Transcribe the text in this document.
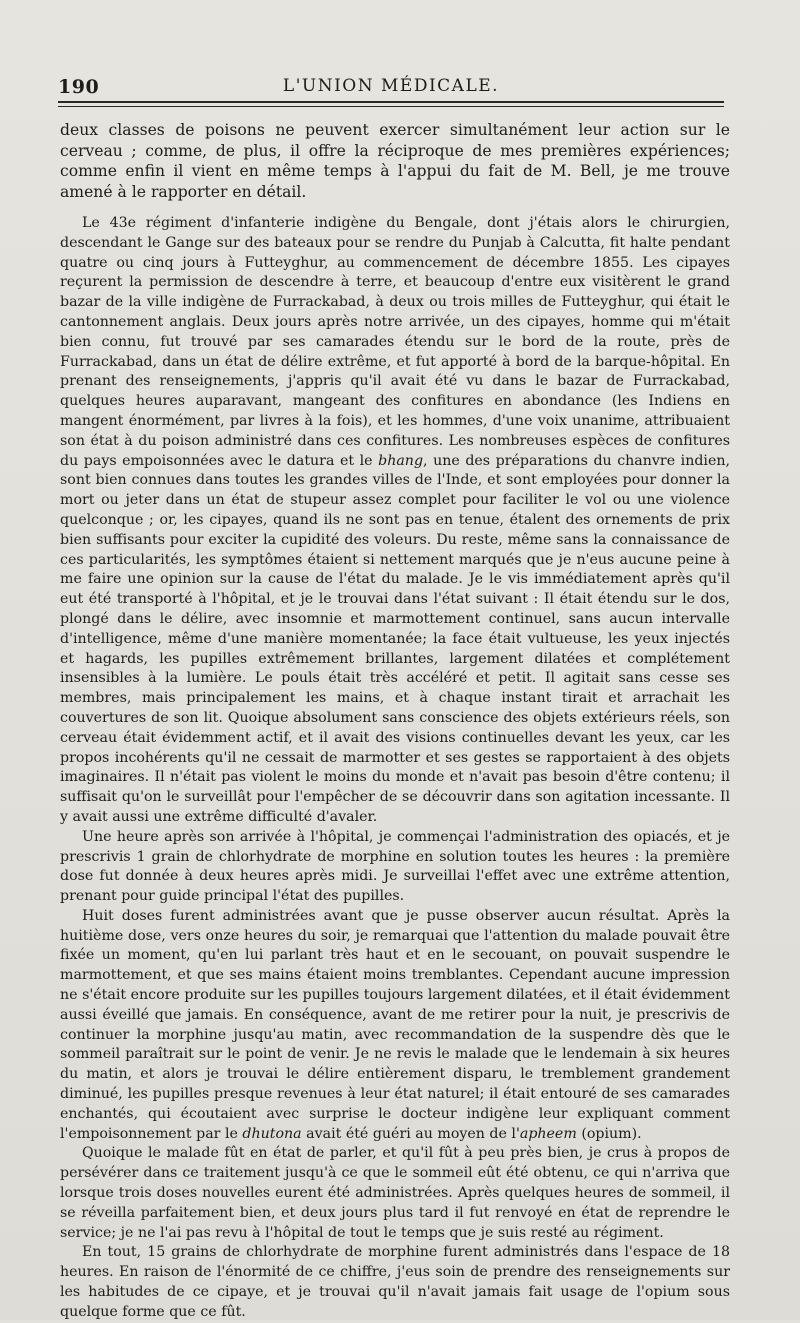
190	L'UNION MÉDICALE.

deux classes de poisons ne peuvent exercer simultanément leur action sur le cerveau ; comme, de plus, il offre la réciproque de mes premières expériences; comme enfin il vient en même temps à l'appui du fait de M. Bell, je me trouve amené à le rapporter en détail.

Le 43e régiment d'infanterie indigène du Bengale, dont j'étais alors le chirurgien, descendant le Gange sur des bateaux pour se rendre du Punjab à Calcutta, fit halte pendant quatre ou cinq jours à Futteyghur, au commencement de décembre 1855. Les cipayes reçurent la permission de descendre à terre, et beaucoup d'entre eux visitèrent le grand bazar de la ville indigène de Furrackabad, à deux ou trois milles de Futteyghur, qui était le cantonnement anglais. Deux jours après notre arrivée, un des cipayes, homme qui m'était bien connu, fut trouvé par ses camarades étendu sur le bord de la route, près de Furrackabad, dans un état de délire extrême, et fut apporté à bord de la barque-hôpital. En prenant des renseignements, j'appris qu'il avait été vu dans le bazar de Furrackabad, quelques heures auparavant, mangeant des confitures en abondance (les Indiens en mangent énormément, par livres à la fois), et les hommes, d'une voix unanime, attribuaient son état à du poison administré dans ces confitures. Les nombreuses espèces de confitures du pays empoisonnées avec le datura et le bhang, une des préparations du chanvre indien, sont bien connues dans toutes les grandes villes de l'Inde, et sont employées pour donner la mort ou jeter dans un état de stupeur assez complet pour faciliter le vol ou une violence quelconque ; or, les cipayes, quand ils ne sont pas en tenue, étalent des ornements de prix bien suffisants pour exciter la cupidité des voleurs. Du reste, même sans la connaissance de ces particularités, les symptômes étaient si nettement marqués que je n'eus aucune peine à me faire une opinion sur la cause de l'état du malade. Je le vis immédiatement après qu'il eut été transporté à l'hôpital, et je le trouvai dans l'état suivant : Il était étendu sur le dos, plongé dans le délire, avec insomnie et marmottement continuel, sans aucun intervalle d'intelligence, même d'une manière momentanée; la face était vultueuse, les yeux injectés et hagards, les pupilles extrêmement brillantes, largement dilatées et complétement insensibles à la lumière. Le pouls était très accéléré et petit. Il agitait sans cesse ses membres, mais principalement les mains, et à chaque instant tirait et arrachait les couvertures de son lit. Quoique absolument sans conscience des objets extérieurs réels, son cerveau était évidemment actif, et il avait des visions continuelles devant les yeux, car les propos incohérents qu'il ne cessait de marmotter et ses gestes se rapportaient à des objets imaginaires. Il n'était pas violent le moins du monde et n'avait pas besoin d'être contenu; il suffisait qu'on le surveillât pour l'empêcher de se découvrir dans son agitation incessante. Il y avait aussi une extrême difficulté d'avaler.

Une heure après son arrivée à l'hôpital, je commençai l'administration des opiacés, et je prescrivis 1 grain de chlorhydrate de morphine en solution toutes les heures : la première dose fut donnée à deux heures après midi. Je surveillai l'effet avec une extrême attention, prenant pour guide principal l'état des pupilles.

Huit doses furent administrées avant que je pusse observer aucun résultat. Après la huitième dose, vers onze heures du soir, je remarquai que l'attention du malade pouvait être fixée un moment, qu'en lui parlant très haut et en le secouant, on pouvait suspendre le marmottement, et que ses mains étaient moins tremblantes. Cependant aucune impression ne s'était encore produite sur les pupilles toujours largement dilatées, et il était évidemment aussi éveillé que jamais. En conséquence, avant de me retirer pour la nuit, je prescrivis de continuer la morphine jusqu'au matin, avec recommandation de la suspendre dès que le sommeil paraîtrait sur le point de venir. Je ne revis le malade que le lendemain à six heures du matin, et alors je trouvai le délire entièrement disparu, le tremblement grandement diminué, les pupilles presque revenues à leur état naturel; il était entouré de ses camarades enchantés, qui écoutaient avec surprise le docteur indigène leur expliquant comment l'empoisonnement par le dhutona avait été guéri au moyen de l'apheem (opium).

Quoique le malade fût en état de parler, et qu'il fût à peu près bien, je crus à propos de persévérer dans ce traitement jusqu'à ce que le sommeil eût été obtenu, ce qui n'arriva que lorsque trois doses nouvelles eurent été administrées. Après quelques heures de sommeil, il se réveilla parfaitement bien, et deux jours plus tard il fut renvoyé en état de reprendre le service; je ne l'ai pas revu à l'hôpital de tout le temps que je suis resté au régiment.

En tout, 15 grains de chlorhydrate de morphine furent administrés dans l'espace de 18 heures. En raison de l'énormité de ce chiffre, j'eus soin de prendre des renseignements sur les habitudes de ce cipaye, et je trouvai qu'il n'avait jamais fait usage de l'opium sous quelque forme que ce fût.
